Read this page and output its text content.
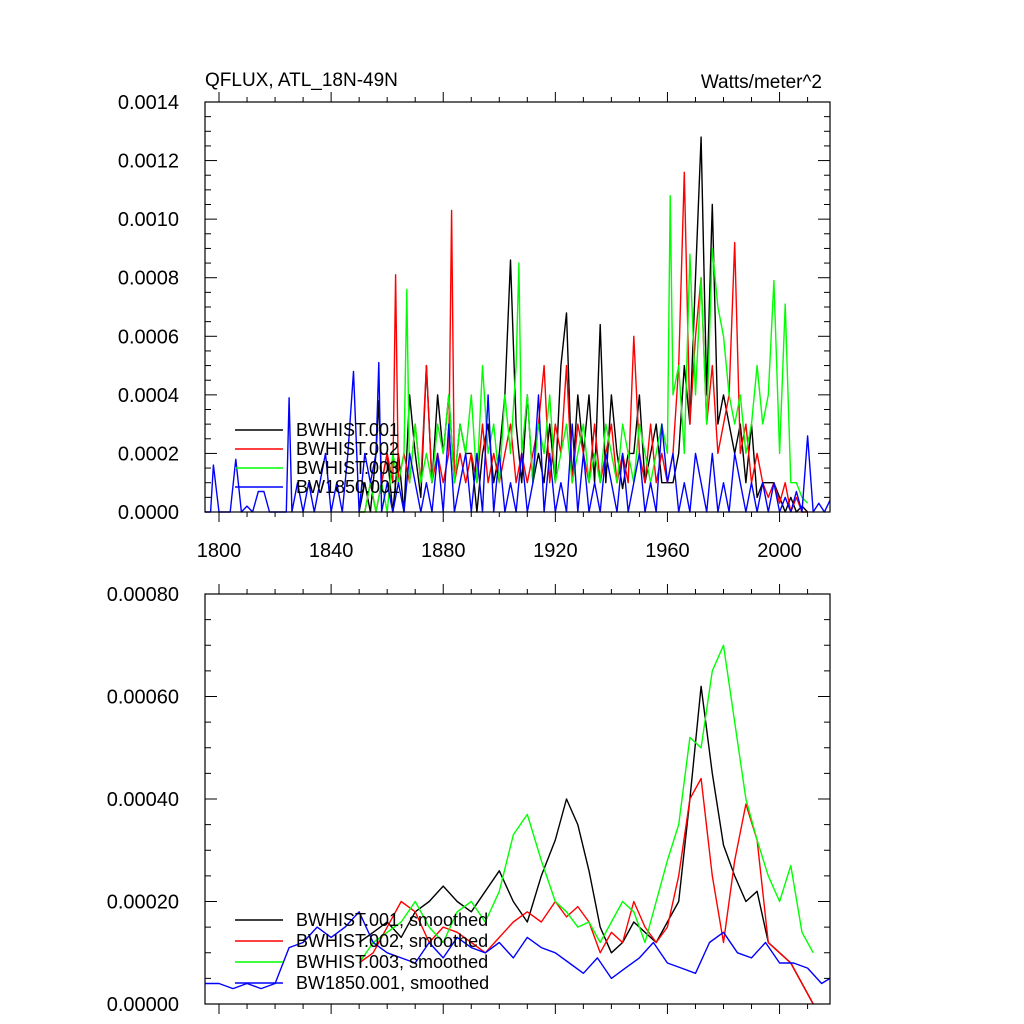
0.0000
0.0002
0.0004
0.0006
0.0008
0.0010
0.0012
0.0014
1800	1840	1880	1920	1960	2000
QFLUX, ATL_18N-49N	Watts/meter^2
BWHIST.001
BWHIST.002
BWHIST.003
BW1850.001
0.00000
0.00020
0.00040
0.00060
0.00080
BWHIST.001, smoothed
BWHIST.002, smoothed
BWHIST.003, smoothed
BW1850.001, smoothed
